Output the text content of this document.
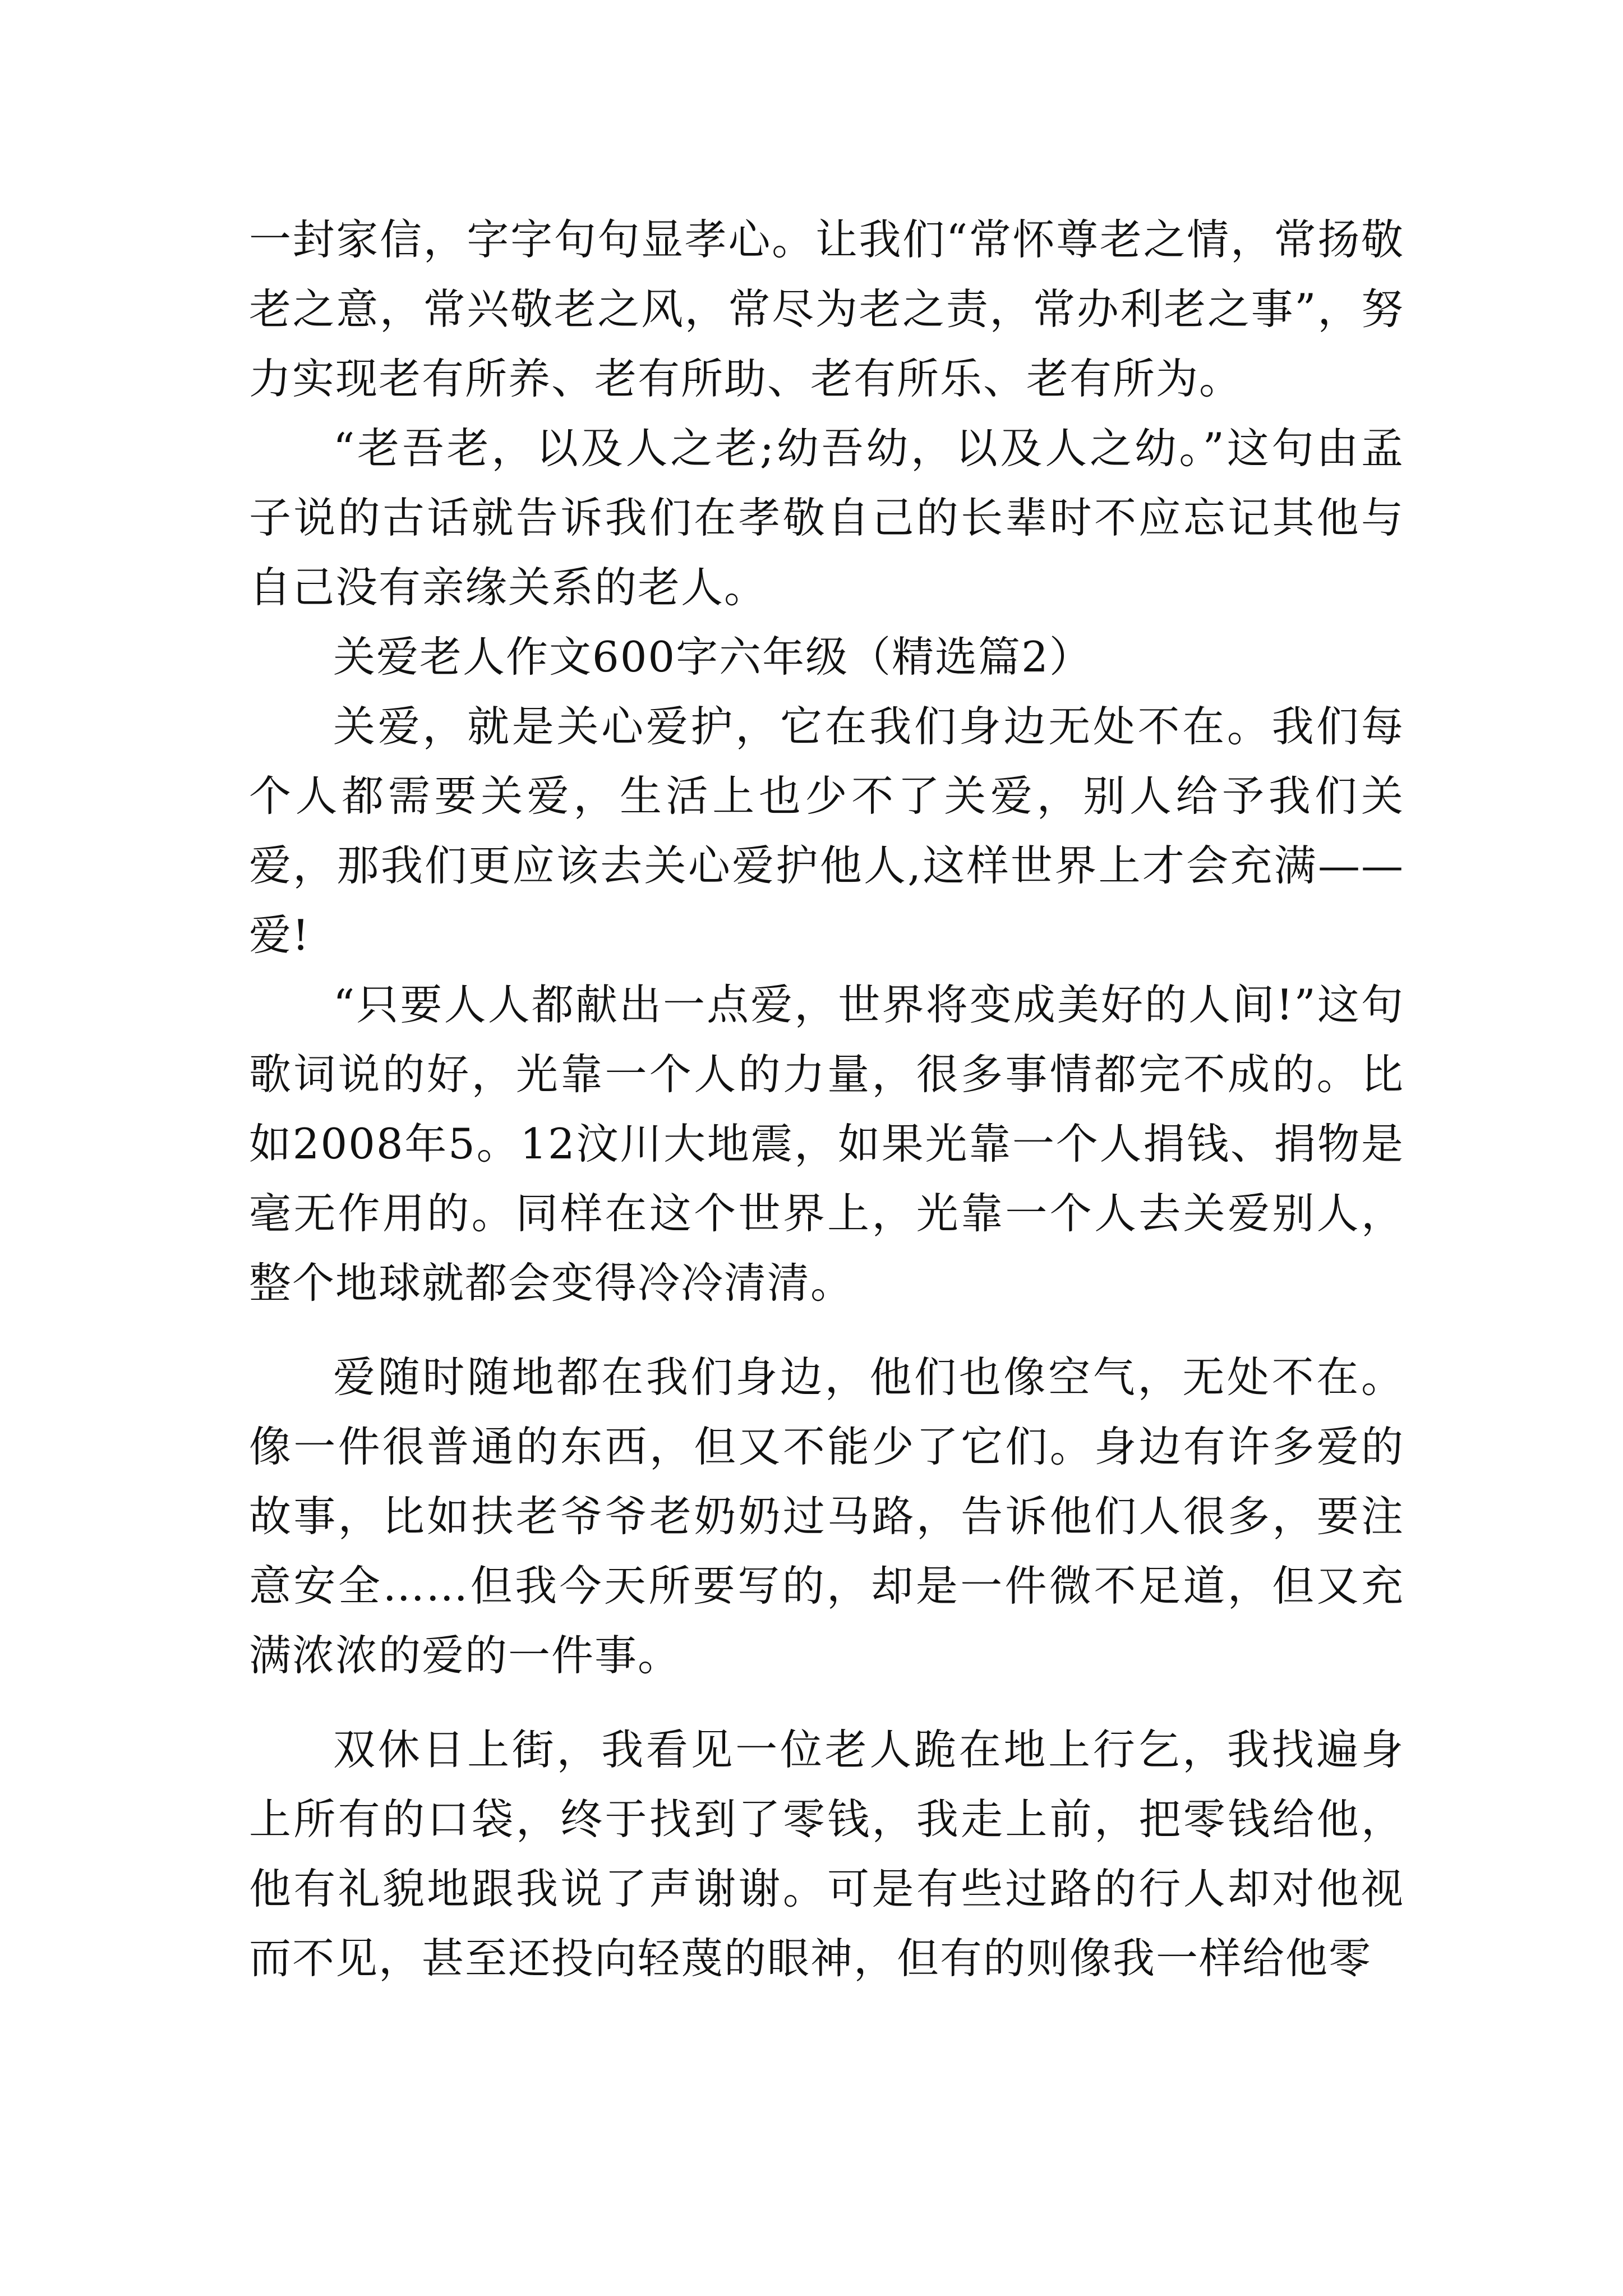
一封家信，字字句句显孝心。让我们“常怀尊老之情，常扬敬老之意，常兴敬老之风，常尽为老之责，常办利老之事”，努力实现老有所养、老有所助、老有所乐、老有所为。

“老吾老，以及人之老;幼吾幼，以及人之幼。”这句由孟子说的古话就告诉我们在孝敬自己的长辈时不应忘记其他与自己没有亲缘关系的老人。

关爱老人作文600字六年级（精选篇2）

关爱，就是关心爱护，它在我们身边无处不在。我们每个人都需要关爱，生活上也少不了关爱，别人给予我们关爱，那我们更应该去关心爱护他人,这样世界上才会充满——爱!

“只要人人都献出一点爱，世界将变成美好的人间!”这句歌词说的好，光靠一个人的力量，很多事情都完不成的。比如2008年5。12汶川大地震，如果光靠一个人捐钱、捐物是毫无作用的。同样在这个世界上，光靠一个人去关爱别人，整个地球就都会变得冷冷清清。

爱随时随地都在我们身边，他们也像空气，无处不在。像一件很普通的东西，但又不能少了它们。身边有许多爱的故事，比如扶老爷爷老奶奶过马路，告诉他们人很多，要注意安全……但我今天所要写的，却是一件微不足道，但又充满浓浓的爱的一件事。

双休日上街，我看见一位老人跪在地上行乞，我找遍身上所有的口袋，终于找到了零钱，我走上前，把零钱给他，他有礼貌地跟我说了声谢谢。可是有些过路的行人却对他视而不见，甚至还投向轻蔑的眼神，但有的则像我一样给他零
